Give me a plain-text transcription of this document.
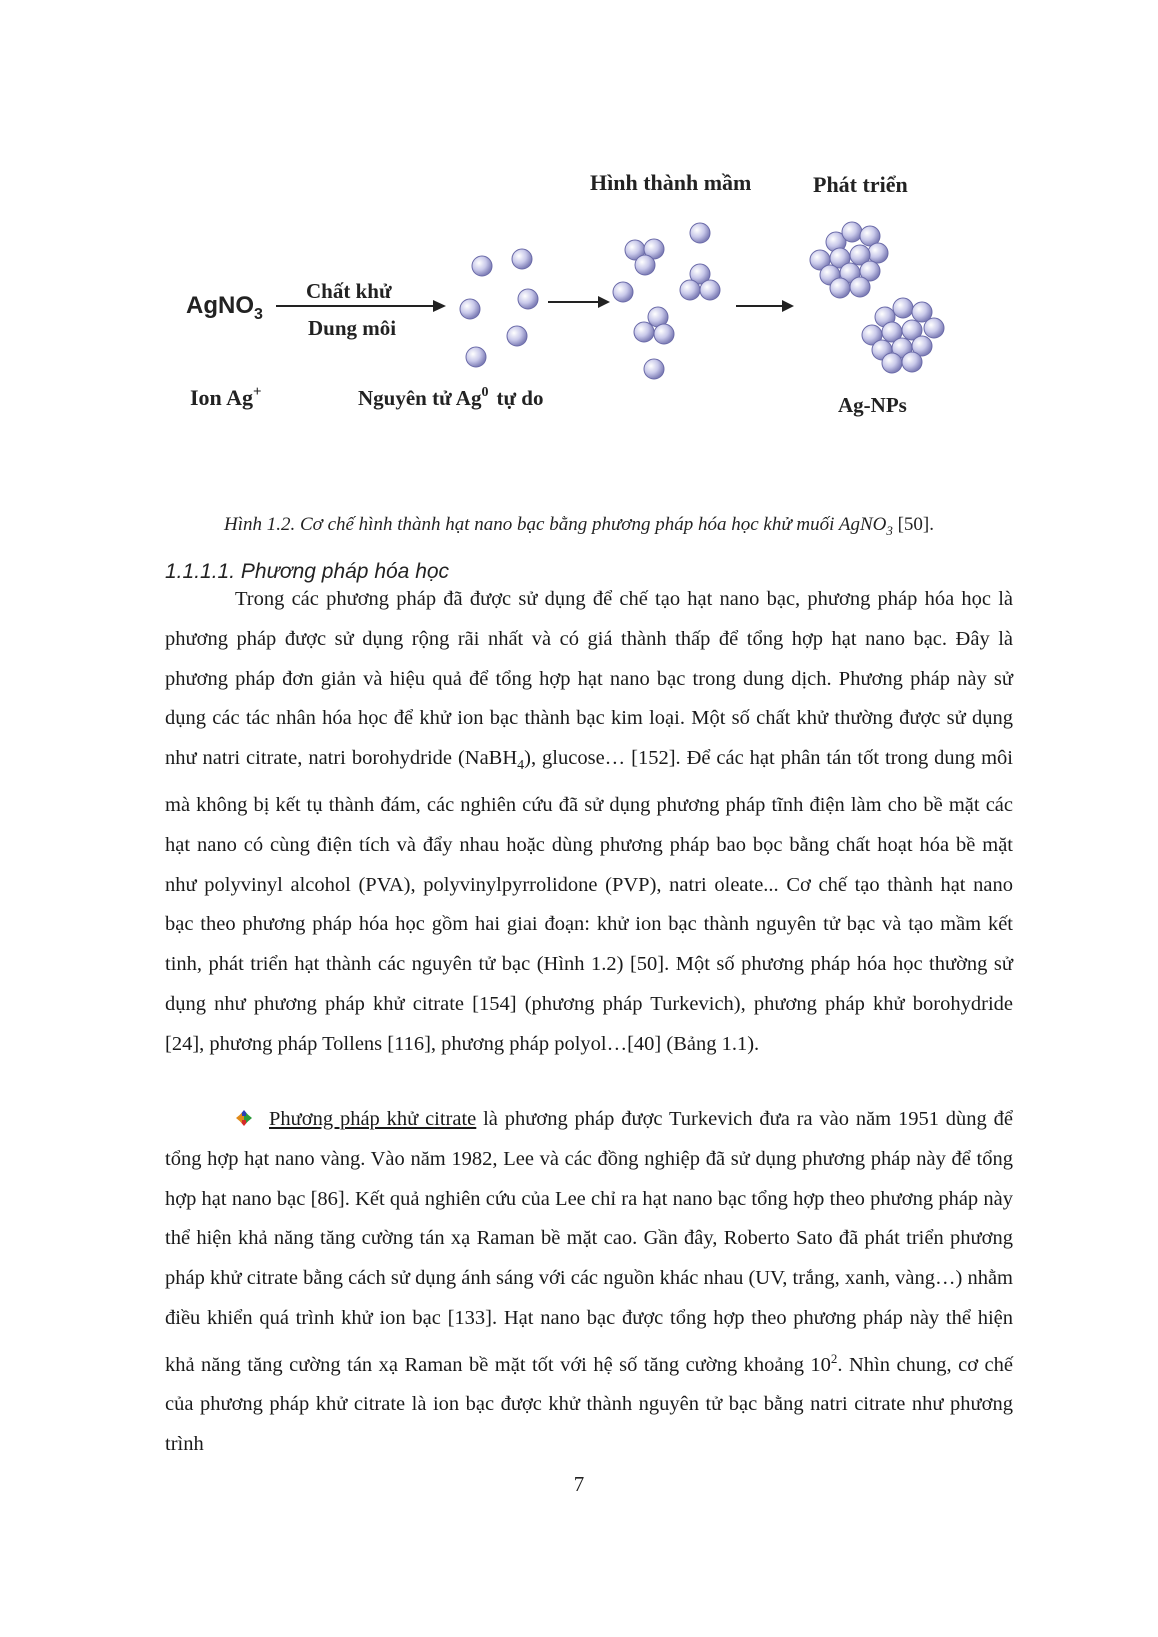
AgNO$_3$
Chất khử
Dung môi
Ion Ag+	Nguyên tử Ag$^0$ tự do
Hình thành mầm	Phát triển
Ag-NPs
Hình 1.2. Cơ chế hình thành hạt nano bạc bằng phương pháp hóa học khử muối AgNO$_3$ [50].
1.1.1.1. Phương pháp hóa học

Trong các phương pháp đã được sử dụng để chế tạo hạt nano bạc, phương pháp hóa học là phương pháp được sử dụng rộng rãi nhất và có giá thành thấp để tổng hợp hạt nano bạc. Đây là phương pháp đơn giản và hiệu quả để tổng hợp hạt nano bạc trong dung dịch. Phương pháp này sử dụng các tác nhân hóa học để khử ion bạc thành bạc kim loại. Một số chất khử thường được sử dụng như natri citrate, natri borohydride (NaBH$_4$), glucose… [152]. Để các hạt phân tán tốt trong dung môi mà không bị kết tụ thành đám, các nghiên cứu đã sử dụng phương pháp tĩnh điện làm cho bề mặt các hạt nano có cùng điện tích và đẩy nhau hoặc dùng phương pháp bao bọc bằng chất hoạt hóa bề mặt như polyvinyl alcohol (PVA), polyvinylpyrrolidone (PVP), natri oleate... Cơ chế tạo thành hạt nano bạc theo phương pháp hóa học gồm hai giai đoạn: khử ion bạc thành nguyên tử bạc và tạo mầm kết tinh, phát triển hạt thành các nguyên tử bạc (Hình 1.2) [50]. Một số phương pháp hóa học thường sử dụng như phương pháp khử citrate [154] (phương pháp Turkevich), phương pháp khử borohydride [24], phương pháp Tollens [116], phương pháp polyol…[40] (Bảng 1.1).

Phương pháp khử citrate là phương pháp được Turkevich đưa ra vào năm 1951 dùng để tổng hợp hạt nano vàng. Vào năm 1982, Lee và các đồng nghiệp đã sử dụng phương pháp này để tổng hợp hạt nano bạc [86]. Kết quả nghiên cứu của Lee chỉ ra hạt nano bạc tổng hợp theo phương pháp này thể hiện khả năng tăng cường tán xạ Raman bề mặt cao. Gần đây, Roberto Sato đã phát triển phương pháp khử citrate bằng cách sử dụng ánh sáng với các nguồn khác nhau (UV, trắng, xanh, vàng…) nhằm điều khiển quá trình khử ion bạc [133]. Hạt nano bạc được tổng hợp theo phương pháp này thể hiện khả năng tăng cường tán xạ Raman bề mặt tốt với hệ số tăng cường khoảng $10^2$. Nhìn chung, cơ chế của phương pháp khử citrate là ion bạc được khử thành nguyên tử bạc bằng natri citrate như phương trình

7
